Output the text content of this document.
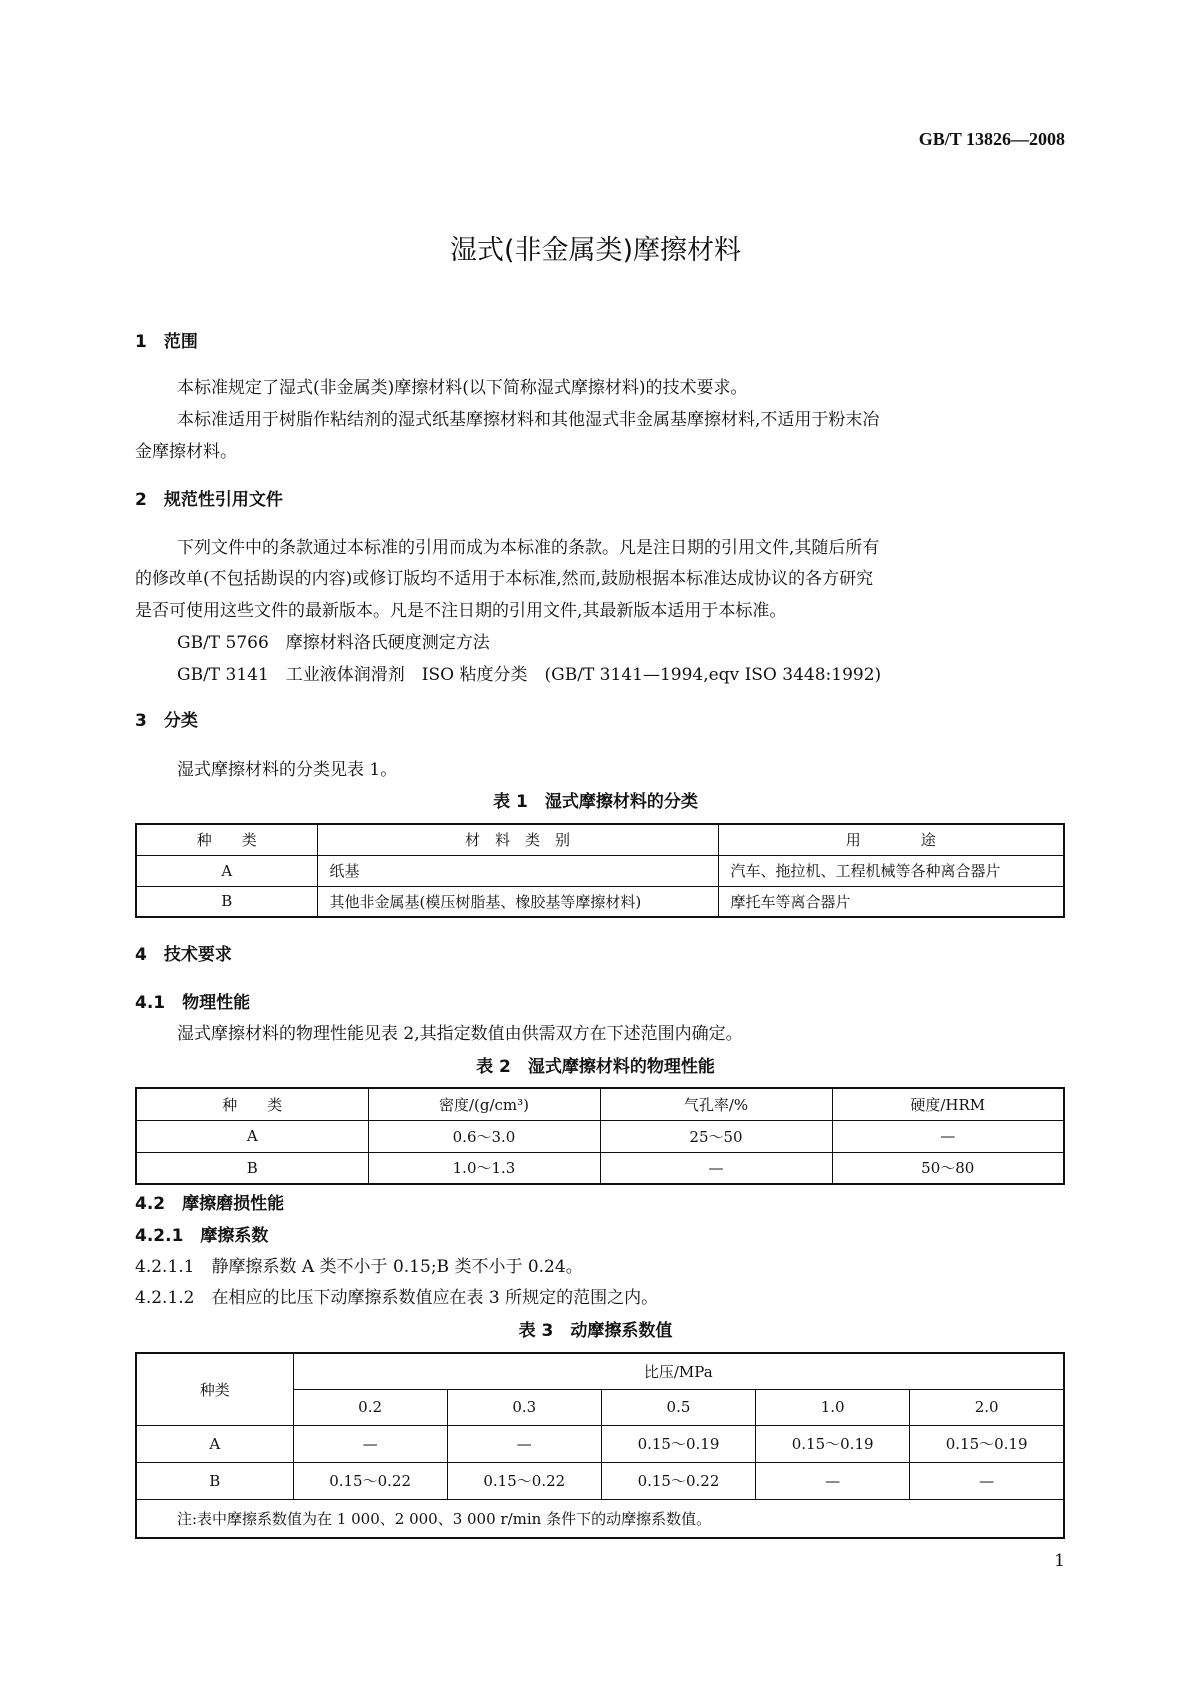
GB/T 13826—2008
湿式(非金属类)摩擦材料
1　范围
本标准规定了湿式(非金属类)摩擦材料(以下简称湿式摩擦材料)的技术要求。
本标准适用于树脂作粘结剂的湿式纸基摩擦材料和其他湿式非金属基摩擦材料,不适用于粉末冶
金摩擦材料。
2　规范性引用文件
下列文件中的条款通过本标准的引用而成为本标准的条款。凡是注日期的引用文件,其随后所有
的修改单(不包括勘误的内容)或修订版均不适用于本标准,然而,鼓励根据本标准达成协议的各方研究
是否可使用这些文件的最新版本。凡是不注日期的引用文件,其最新版本适用于本标准。
GB/T 5766　摩擦材料洛氏硬度测定方法
GB/T 3141　工业液体润滑剂　ISO 粘度分类　(GB/T 3141—1994,eqv ISO 3448:1992)
3　分类
湿式摩擦材料的分类见表 1。
表 1　湿式摩擦材料的分类
种　　类	材　料　类　别	用　　　　途
A	纸基	汽车、拖拉机、工程机械等各种离合器片
B	其他非金属基(模压树脂基、橡胶基等摩擦材料)	摩托车等离合器片
4　技术要求
4.1　物理性能
湿式摩擦材料的物理性能见表 2,其指定数值由供需双方在下述范围内确定。
表 2　湿式摩擦材料的物理性能
种　　类	密度/(g/cm³)	气孔率/%	硬度/HRM
A	0.6～3.0	25～50	—
B	1.0～1.3	—	50～80
4.2　摩擦磨损性能
4.2.1　摩擦系数
4.2.1.1　静摩擦系数 A 类不小于 0.15;B 类不小于 0.24。
4.2.1.2　在相应的比压下动摩擦系数值应在表 3 所规定的范围之内。
表 3　动摩擦系数值
种类	比压/MPa				
	0.2	0.3	0.5	1.0	2.0
A	—	—	0.15～0.19	0.15～0.19	0.15～0.19
B	0.15～0.22	0.15～0.22	0.15～0.22	—	—
注:表中摩擦系数值为在 1 000、2 000、3 000 r/min 条件下的动摩擦系数值。					
1
